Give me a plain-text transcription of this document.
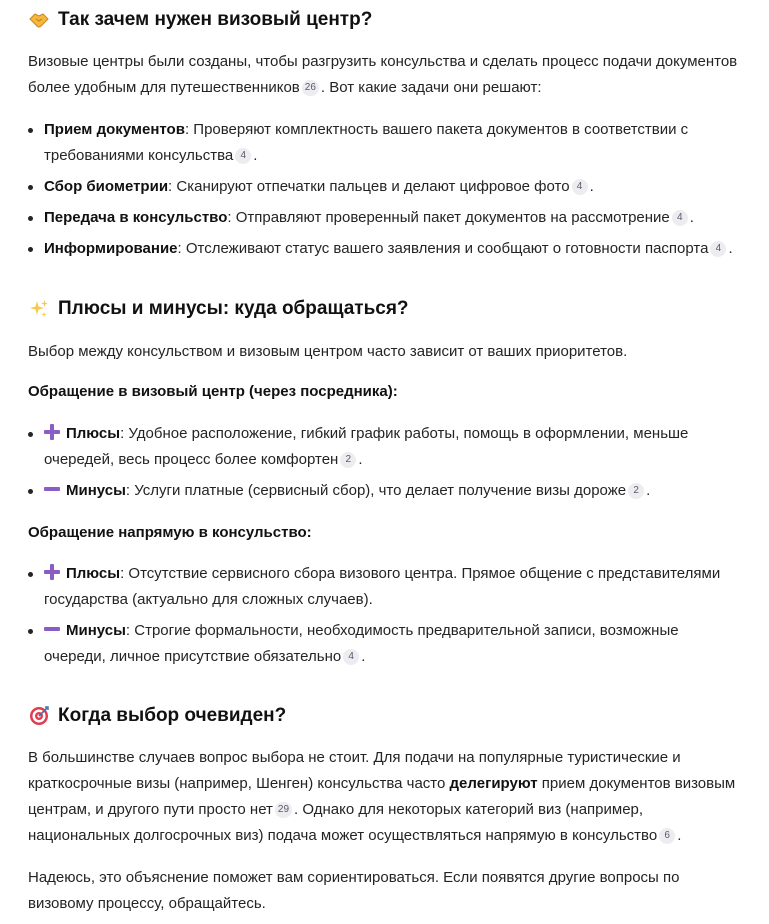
Так зачем нужен визовый центр?

Визовые центры были созданы, чтобы разгрузить консульства и сделать процесс подачи документов более удобным для путешественников 26 . Вот какие задачи они решают:

Прием документов: Проверяют комплектность вашего пакета документов в соответствии с требованиями консульства 4 .
Сбор биометрии: Сканируют отпечатки пальцев и делают цифровое фото 4 .
Передача в консульство: Отправляют проверенный пакет документов на рассмотрение 4 .
Информирование: Отслеживают статус вашего заявления и сообщают о готовности паспорта 4 .
Плюсы и минусы: куда обращаться?

Выбор между консульством и визовым центром часто зависит от ваших приоритетов.

Обращение в визовый центр (через посредника):
Плюсы: Удобное расположение, гибкий график работы, помощь в оформлении, меньше очередей, весь процесс более комфортен 2 .
Минусы: Услуги платные (сервисный сбор), что делает получение визы дороже 2 .
Обращение напрямую в консульство:
Плюсы: Отсутствие сервисного сбора визового центра. Прямое общение с представителями государства (актуально для сложных случаев).
Минусы: Строгие формальности, необходимость предварительной записи, возможные очереди, личное присутствие обязательно 4 .
Когда выбор очевиден?

В большинстве случаев вопрос выбора не стоит. Для подачи на популярные туристические и краткосрочные визы (например, Шенген) консульства часто делегируют прием документов визовым центрам, и другого пути просто нет 29 . Однако для некоторых категорий виз (например, национальных долгосрочных виз) подача может осуществляться напрямую в консульство 6 .

Надеюсь, это объяснение поможет вам сориентироваться. Если появятся другие вопросы по визовому процессу, обращайтесь.
